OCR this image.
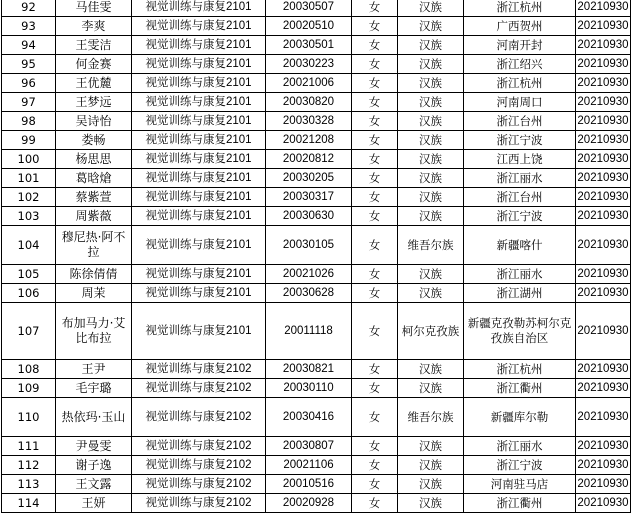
92	马佳雯	视觉训练与康复2101	20030507	女	汉族	浙江杭州	20210930
93	李爽	视觉训练与康复2101	20020510	女	汉族	广西贺州	20210930
94	王雯洁	视觉训练与康复2101	20030501	女	汉族	河南开封	20210930
95	何金赛	视觉训练与康复2101	20030223	女	汉族	浙江绍兴	20210930
96	王优麓	视觉训练与康复2101	20021006	女	汉族	浙江杭州	20210930
97	王梦远	视觉训练与康复2101	20030820	女	汉族	河南周口	20210930
98	吴诗怡	视觉训练与康复2101	20030328	女	汉族	浙江台州	20210930
99	娄畅	视觉训练与康复2101	20021208	女	汉族	浙江宁波	20210930
100	杨思思	视觉训练与康复2101	20020812	女	汉族	江西上饶	20210930
101	葛晗熗	视觉训练与康复2101	20030205	女	汉族	浙江丽水	20210930
102	蔡紫萱	视觉训练与康复2101	20030317	女	汉族	浙江台州	20210930
103	周紫薇	视觉训练与康复2101	20030630	女	汉族	浙江宁波	20210930
104	穆尼热·阿不拉	视觉训练与康复2101	20030105	女	维吾尔族	新疆喀什	20210930
105	陈徐倩倩	视觉训练与康复2101	20021026	女	汉族	浙江丽水	20210930
106	周茉	视觉训练与康复2101	20030628	女	汉族	浙江湖州	20210930
107	布加马力·艾比布拉	视觉训练与康复2101	20011118	女	柯尔克孜族	新疆克孜勒苏柯尔克孜族自治区	20210930
108	王尹	视觉训练与康复2102	20030821	女	汉族	浙江杭州	20210930
109	毛宇璐	视觉训练与康复2102	20030110	女	汉族	浙江衢州	20210930
110	热依玛·玉山	视觉训练与康复2102	20030416	女	维吾尔族	新疆库尔勒	20210930
111	尹曼雯	视觉训练与康复2102	20030807	女	汉族	浙江丽水	20210930
112	谢子逸	视觉训练与康复2102	20021106	女	汉族	浙江宁波	20210930
113	王文露	视觉训练与康复2102	20010516	女	汉族	河南驻马店	20210930
114	王妍	视觉训练与康复2102	20020928	女	汉族	浙江衢州	20210930
